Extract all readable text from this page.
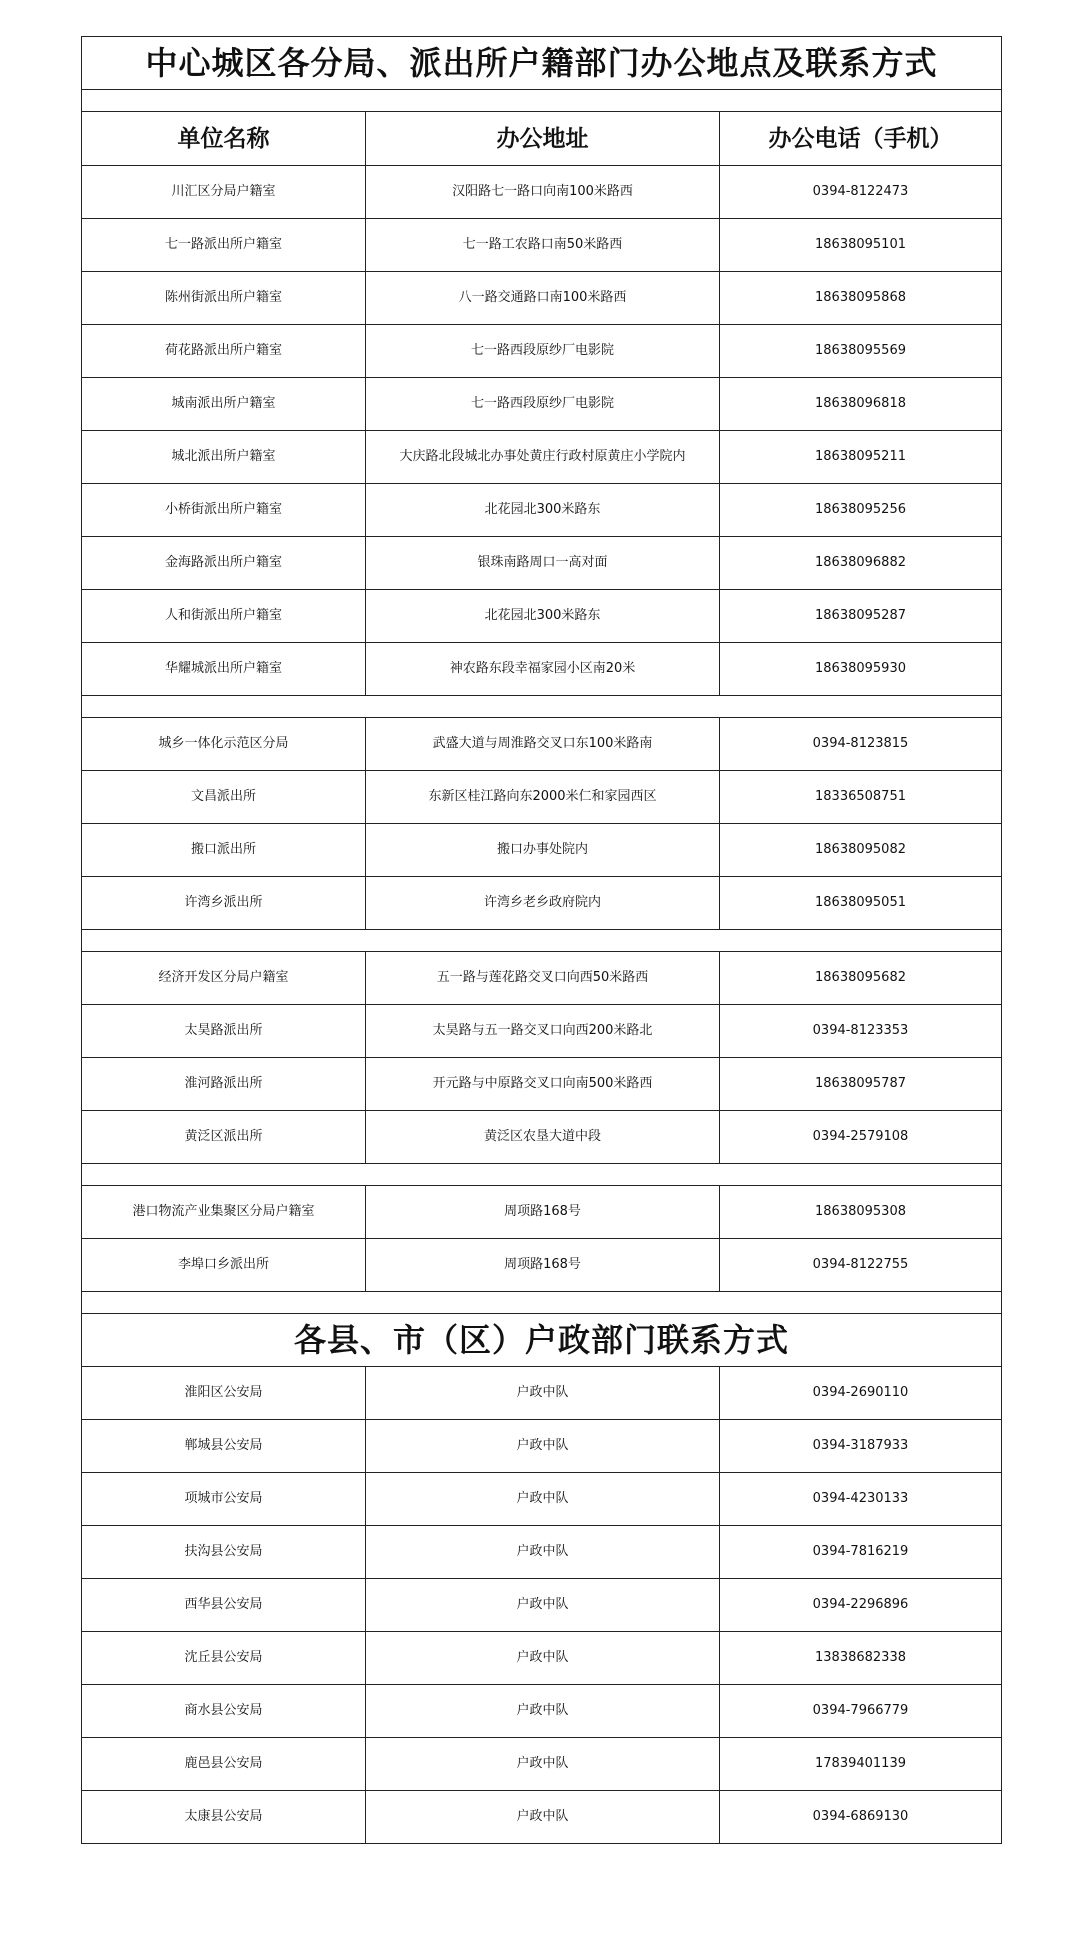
中心城区各分局、派出所户籍部门办公地点及联系方式		

单位名称	办公地址	办公电话（手机）
川汇区分局户籍室	汉阳路七一路口向南100米路西	0394-8122473
七一路派出所户籍室	七一路工农路口南50米路西	18638095101
陈州街派出所户籍室	八一路交通路口南100米路西	18638095868
荷花路派出所户籍室	七一路西段原纱厂电影院	18638095569
城南派出所户籍室	七一路西段原纱厂电影院	18638096818
城北派出所户籍室	大庆路北段城北办事处黄庄行政村原黄庄小学院内	18638095211
小桥街派出所户籍室	北花园北300米路东	18638095256
金海路派出所户籍室	银珠南路周口一高对面	18638096882
人和街派出所户籍室	北花园北300米路东	18638095287
华耀城派出所户籍室	神农路东段幸福家园小区南20米	18638095930

城乡一体化示范区分局	武盛大道与周淮路交叉口东100米路南	0394-8123815
文昌派出所	东新区桂江路向东2000米仁和家园西区	18336508751
搬口派出所	搬口办事处院内	18638095082
许湾乡派出所	许湾乡老乡政府院内	18638095051

经济开发区分局户籍室	五一路与莲花路交叉口向西50米路西	18638095682
太昊路派出所	太昊路与五一路交叉口向西200米路北	0394-8123353
淮河路派出所	开元路与中原路交叉口向南500米路西	18638095787
黄泛区派出所	黄泛区农垦大道中段	0394-2579108

港口物流产业集聚区分局户籍室	周项路168号	18638095308
李埠口乡派出所	周项路168号	0394-8122755

各县、市（区）户政部门联系方式		
淮阳区公安局	户政中队	0394-2690110
郸城县公安局	户政中队	0394-3187933
项城市公安局	户政中队	0394-4230133
扶沟县公安局	户政中队	0394-7816219
西华县公安局	户政中队	0394-2296896
沈丘县公安局	户政中队	13838682338
商水县公安局	户政中队	0394-7966779
鹿邑县公安局	户政中队	17839401139
太康县公安局	户政中队	0394-6869130
